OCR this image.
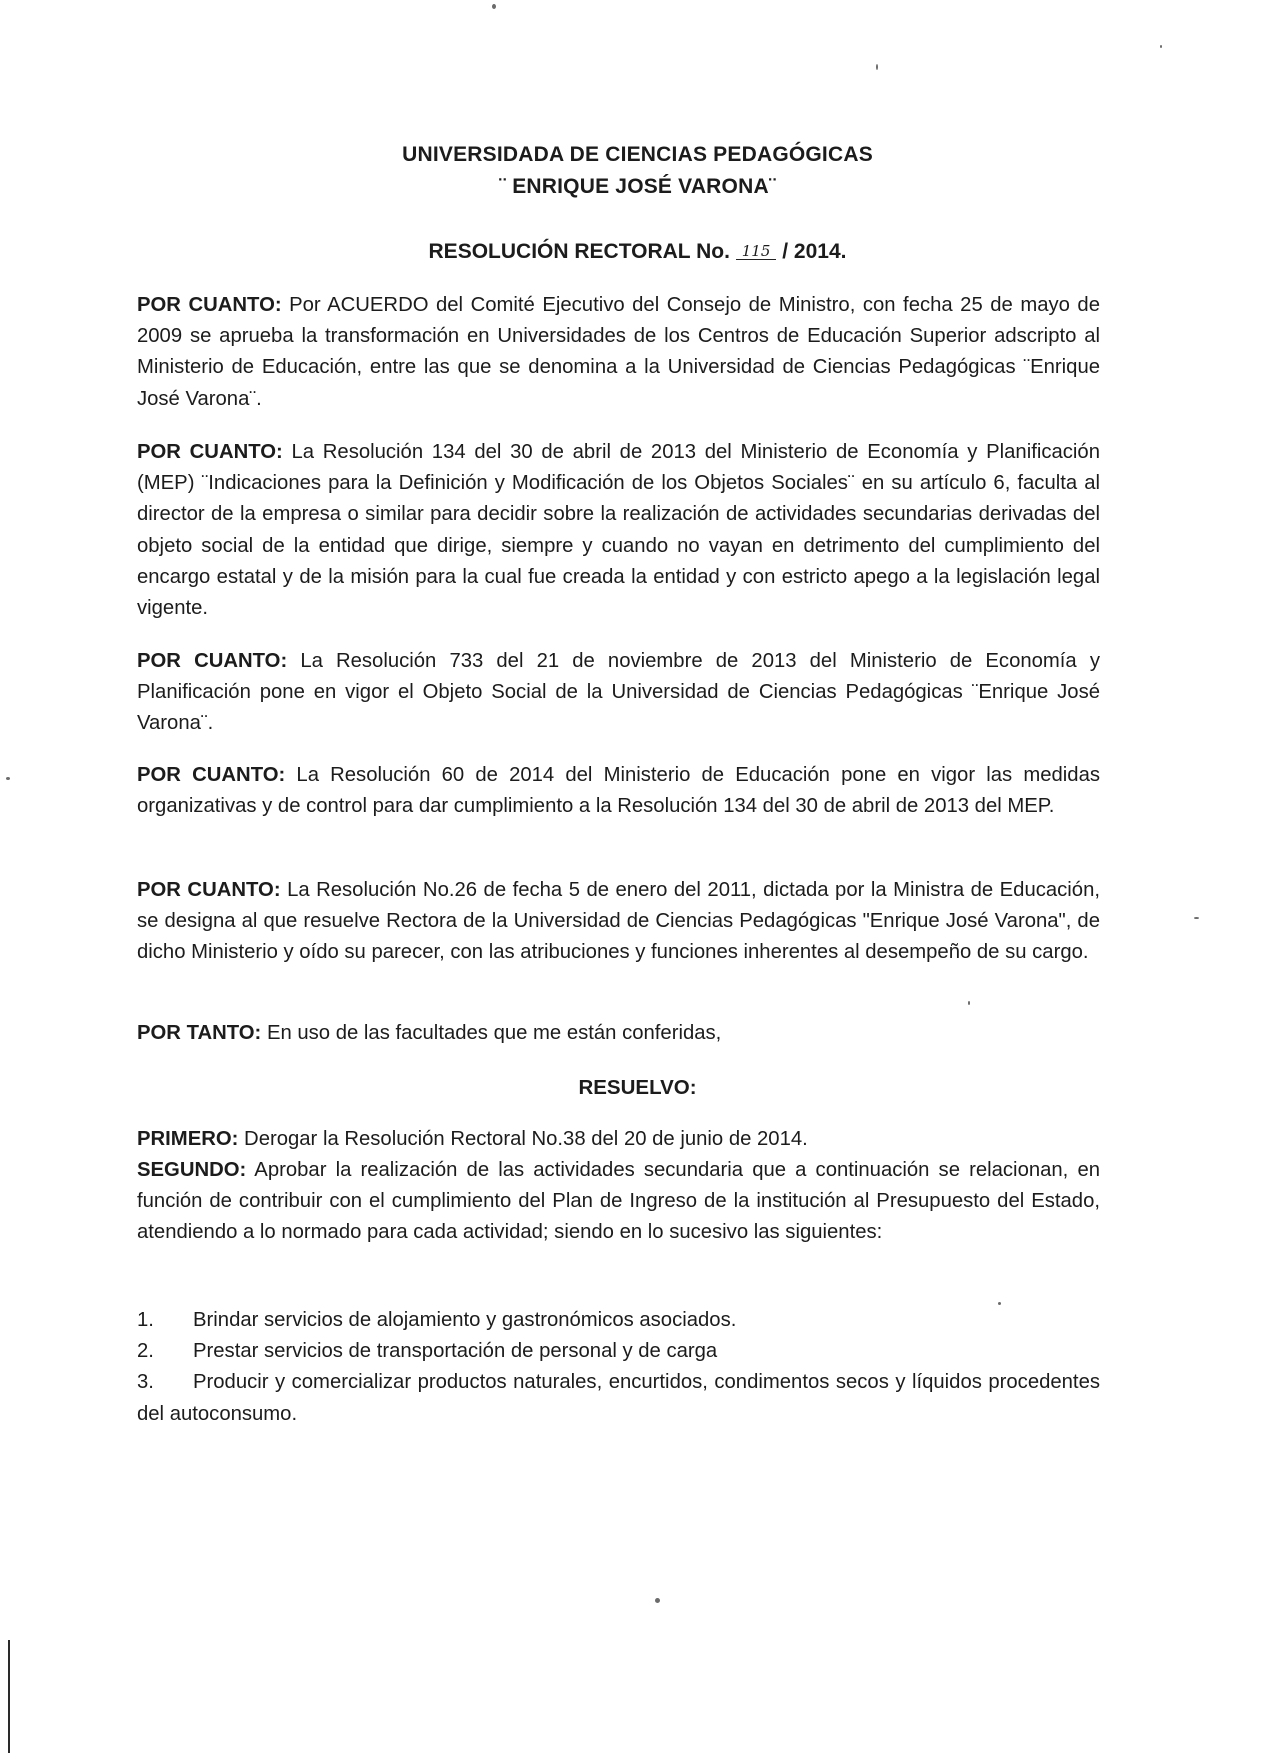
UNIVERSIDADA DE CIENCIAS PEDAGÓGICAS
¨ ENRIQUE JOSÉ VARONA¨
RESOLUCIÓN RECTORAL No. 115 / 2014.
POR CUANTO: Por ACUERDO del Comité Ejecutivo del Consejo de Ministro, con fecha 25 de mayo de 2009 se aprueba la transformación en Universidades de los Centros de Educación Superior adscripto al Ministerio de Educación, entre las que se denomina a la Universidad de Ciencias Pedagógicas ¨Enrique José Varona¨.
POR CUANTO: La Resolución 134 del 30 de abril de 2013 del Ministerio de Economía y Planificación (MEP) ¨Indicaciones para la Definición y Modificación de los Objetos Sociales¨ en su artículo 6, faculta al director de la empresa o similar para decidir sobre la realización de actividades secundarias derivadas del objeto social de la entidad que dirige, siempre y cuando no vayan en detrimento del cumplimiento del encargo estatal y de la misión para la cual fue creada la entidad y con estricto apego a la legislación legal vigente.
POR CUANTO: La Resolución 733 del 21 de noviembre de 2013 del Ministerio de Economía y Planificación pone en vigor el Objeto Social de la Universidad de Ciencias Pedagógicas ¨Enrique José Varona¨.
POR CUANTO: La Resolución 60 de 2014 del Ministerio de Educación pone en vigor las medidas organizativas y de control para dar cumplimiento a la Resolución 134 del 30 de abril de 2013 del MEP.
POR CUANTO: La Resolución No.26 de fecha 5 de enero del 2011, dictada por la Ministra de Educación, se designa al que resuelve Rectora de la Universidad de Ciencias Pedagógicas "Enrique José Varona", de dicho Ministerio y oído su parecer, con las atribuciones y funciones inherentes al desempeño de su cargo.
POR TANTO: En uso de las facultades que me están conferidas,
RESUELVO:
PRIMERO: Derogar la Resolución Rectoral No.38 del 20 de junio de 2014.
SEGUNDO: Aprobar la realización de las actividades secundaria que a continuación se relacionan, en función de contribuir con el cumplimiento del Plan de Ingreso de la institución al Presupuesto del Estado, atendiendo a lo normado para cada actividad; siendo en lo sucesivo las siguientes:
1. Brindar servicios de alojamiento y gastronómicos asociados.
2. Prestar servicios de transportación de personal y de carga
3. Producir y comercializar productos naturales, encurtidos, condimentos secos y líquidos procedentes del autoconsumo.
